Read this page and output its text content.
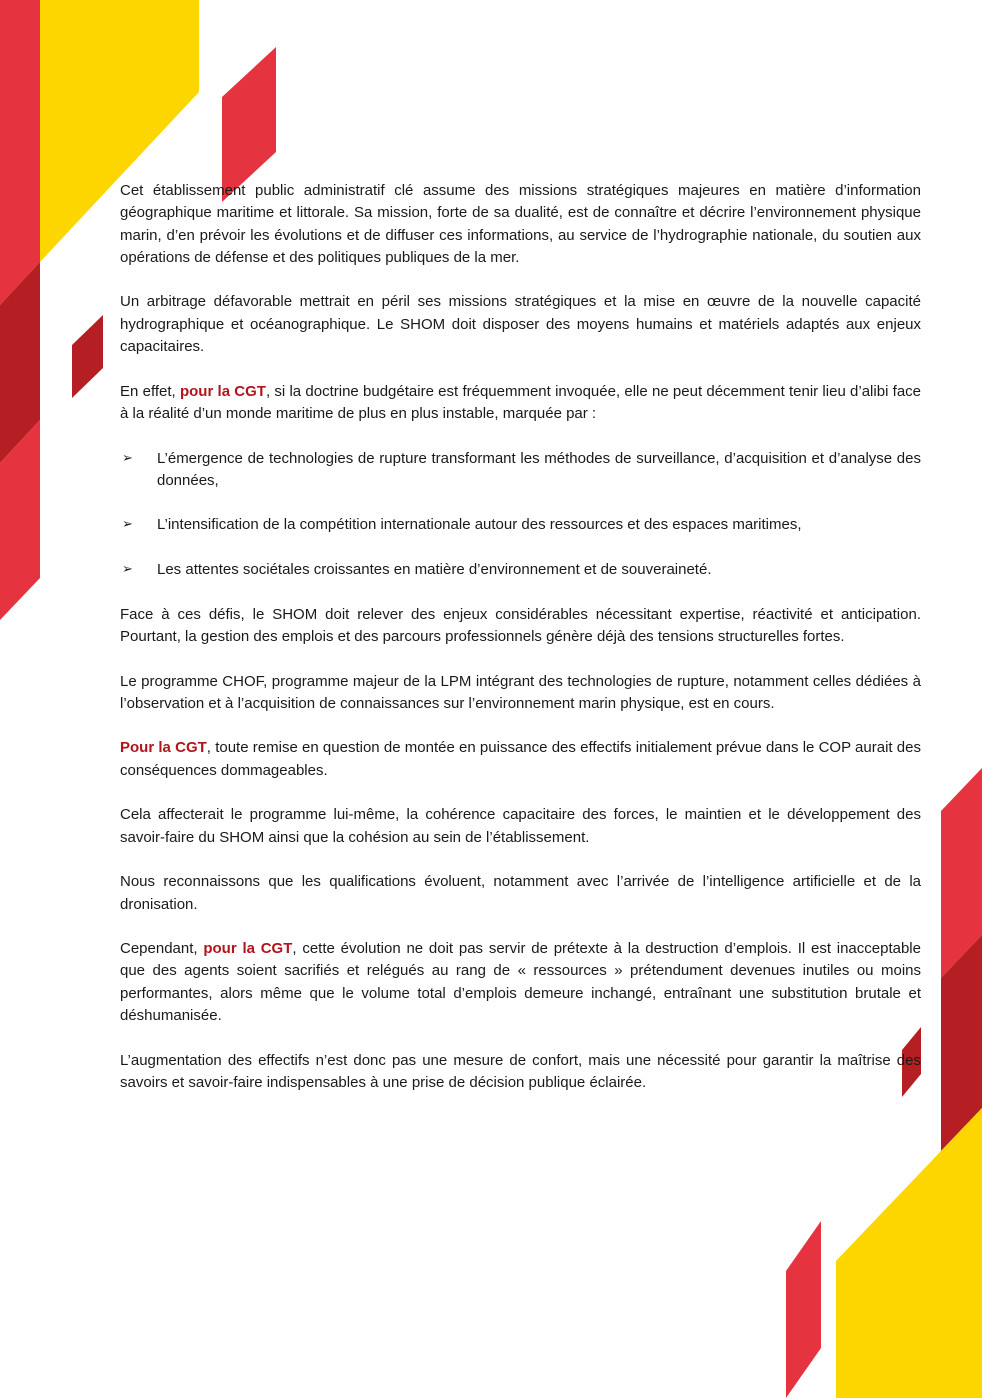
Cet établissement public administratif clé assume des missions stratégiques majeures en matière d’information géographique maritime et littorale. Sa mission, forte de sa dualité, est de connaître et décrire l’environnement physique marin, d’en prévoir les évolutions et de diffuser ces informations, au service de l’hydrographie nationale, du soutien aux opérations de défense et des politiques publiques de la mer.

Un arbitrage défavorable mettrait en péril ses missions stratégiques et la mise en œuvre de la nouvelle capacité hydrographique et océanographique. Le SHOM doit disposer des moyens humains et matériels adaptés aux enjeux capacitaires.

En effet, pour la CGT, si la doctrine budgétaire est fréquemment invoquée, elle ne peut décemment tenir lieu d’alibi face à la réalité d’un monde maritime de plus en plus instable, marquée par :

➢ L’émergence de technologies de rupture transformant les méthodes de surveillance, d’acquisition et d’analyse des données,
➢ L’intensification de la compétition internationale autour des ressources et des espaces maritimes,
➢ Les attentes sociétales croissantes en matière d’environnement et de souveraineté.

Face à ces défis, le SHOM doit relever des enjeux considérables nécessitant expertise, réactivité et anticipation. Pourtant, la gestion des emplois et des parcours professionnels génère déjà des tensions structurelles fortes.

Le programme CHOF, programme majeur de la LPM intégrant des technologies de rupture, notamment celles dédiées à l’observation et à l’acquisition de connaissances sur l’environnement marin physique, est en cours.

Pour la CGT, toute remise en question de montée en puissance des effectifs initialement prévue dans le COP aurait des conséquences dommageables.

Cela affecterait le programme lui-même, la cohérence capacitaire des forces, le maintien et le développement des savoir-faire du SHOM ainsi que la cohésion au sein de l’établissement.

Nous reconnaissons que les qualifications évoluent, notamment avec l’arrivée de l’intelligence artificielle et de la dronisation.

Cependant, pour la CGT, cette évolution ne doit pas servir de prétexte à la destruction d’emplois. Il est inacceptable que des agents soient sacrifiés et relégués au rang de « ressources » prétendument devenues inutiles ou moins performantes, alors même que le volume total d’emplois demeure inchangé, entraînant une substitution brutale et déshumanisée.

L’augmentation des effectifs n’est donc pas une mesure de confort, mais une nécessité pour garantir la maîtrise des savoirs et savoir-faire indispensables à une prise de décision publique éclairée.
